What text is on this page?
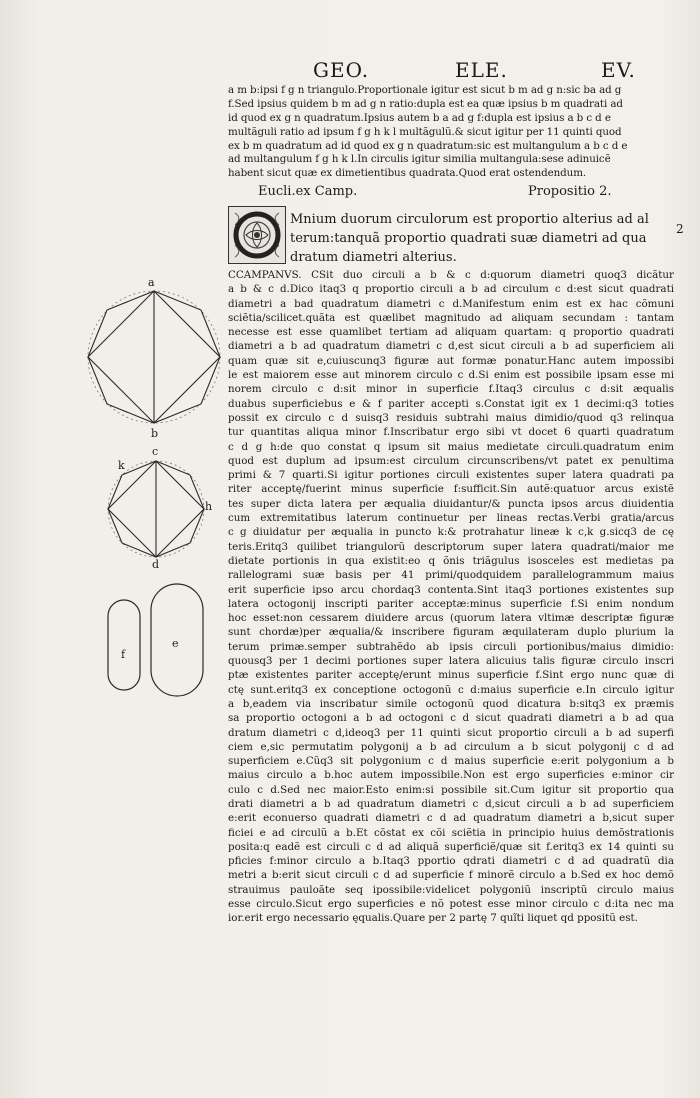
GEO.	ELE.	EV.
a m b:ipsi f g n triangulo.Proportionale igitur est sicut b m ad g n:sic ba ad g
f.Sed ipsius quidem b m ad g n ratio:dupla est ea quæ ipsius b m quadrati ad
id quod ex g n quadratum.Ipsius autem b a ad g f:dupla est ipsius a b c d e
multãguli ratio ad ipsum f g h k l multãgulũ.& sicut igitur per 11 quinti quod
ex b m quadratum ad id quod ex g n quadratum:sic est multangulum a b c d e
ad multangulum f g h k l.In circulis igitur similia multangula:sese adinuicẽ
habent sicut quæ ex dimetientibus quadrata.Quod erat ostendendum.
Eucli.ex Camp.	Propositio 2.
Mnium duorum circulorum est proportio alterius ad al
terum:tanquã proportio quadrati suæ diametri ad qua
dratum diametri alterius.
2
CCAMPANVS. CSit duo circuli a b & c d:quorum diametri quoq3 dicãtur
a b & c d.Dico itaq3 q proportio circuli a b ad circulum c d:est sicut quadrati
diametri a bad quadratum diametri c d.Manifestum enim est ex hac cõmuni
sciẽtia/scilicet.quãta est quælibet magnitudo ad aliquam secundam : tantam
necesse est esse quamlibet tertiam ad aliquam quartam: q proportio quadrati
diametri a b ad quadratum diametri c d,est sicut circuli a b ad superficiem ali
quam quæ sit e,cuiuscunq3 figuræ aut formæ ponatur.Hanc autem impossibi
le est maiorem esse aut minorem circulo c d.Si enim est possibile ipsam esse mi
norem circulo c d:sit minor in superficie f.Itaq3 circulus c d:sit æqualis
duabus superficiebus e & f pariter accepti s.Constat igit ex 1 decimi:q3 toties
possit ex circulo c d suisq3 residuis subtrahi maius dimidio/quod q3 relinqua
tur quantitas aliqua minor f.Inscribatur ergo sibi vt docet 6 quarti quadratum
c d g h:de quo constat q ipsum sit maius medietate circuli.quadratum enim
quod est duplum ad ipsum:est circulum circunscribens/vt patet ex penultima
primi & 7 quarti.Si igitur portiones circuli existentes super latera quadrati pa
riter acceptę/fuerint minus superficie f:sufficit.Sin autẽ:quatuor arcus existẽ
tes super dicta latera per æqualia diuidantur/& puncta ipsos arcus diuidentia
cum extremitatibus laterum continuetur per lineas rectas.Verbi gratia/arcus
c g diuidatur per æqualia in puncto k:& protrahatur lineæ k c,k g.sicq3 de cę
teris.Eritq3 quilibet triangulorũ descriptorum super latera quadrati/maior me
dietate portionis in qua existit:eo q õnis triãgulus isosceles est medietas pa
rallelogrami suæ basis per 41 primi/quodquidem parallelogrammum maius
erit superficie ipso arcu chordaq3 contenta.Sint itaq3 portiones existentes sup
latera octogonij inscripti pariter acceptæ:minus superficie f.Si enim nondum
hoc esset:non cessarem diuidere arcus (quorum latera vltimæ descriptæ figuræ
sunt chordæ)per æqualia/& inscribere figuram æquilateram duplo plurium la
terum primæ.semper subtrahẽdo ab ipsis circuli portionibus/maius dimidio:
quousq3 per 1 decimi portiones super latera alicuius talis figuræ circulo inscri
ptæ existentes pariter acceptę/erunt minus superficie f.Sint ergo nunc quæ di
ctę sunt.eritq3 ex conceptione octogonũ c d:maius superficie e.In circulo igitur
a b,eadem via inscribatur simile octogonũ quod dicatura b:sitq3 ex præmis
sa proportio octogoni a b ad octogoni c d sicut quadrati diametri a b ad qua
dratum diametri c d,ideoq3 per 11 quinti sicut proportio circuli a b ad superfi
ciem e,sic permutatim polygonij a b ad circulum a b sicut polygonij c d ad
superficiem e.Cũq3 sit polygonium c d maius superficie e:erit polygonium a b
maius circulo a b.hoc autem impossibile.Non est ergo superficies e:minor cir
culo c d.Sed nec maior.Esto enim:si possibile sit.Cum igitur sit proportio qua
drati diametri a b ad quadratum diametri c d,sicut circuli a b ad superficiem
e:erit econuerso quadrati diametri c d ad quadratum diametri a b,sicut super
ficiei e ad circulũ a b.Et cõstat ex cõi sciẽtia in principio huius demõstrationis
posita:q eadẽ est circuli c d ad aliquã superficiẽ/quæ sit f.eritq3 ex 14 quinti su
pficies f:minor circulo a b.Itaq3 pportio qdrati diametri c d ad quadratũ dia
metri a b:erit sicut circuli c d ad superficie f minorẽ circulo a b.Sed ex hoc demõ
strauimus pauloãte seq ipossibile:videlicet polygoniũ inscriptũ circulo maius
esse circulo.Sicut ergo superficies e nõ potest esse minor circulo c d:ita nec ma
ior.erit ergo necessario ęqualis.Quare per 2 partę 7 quĩti liquet qd ppositũ est.
a
b
c
d
k
h
e
f
